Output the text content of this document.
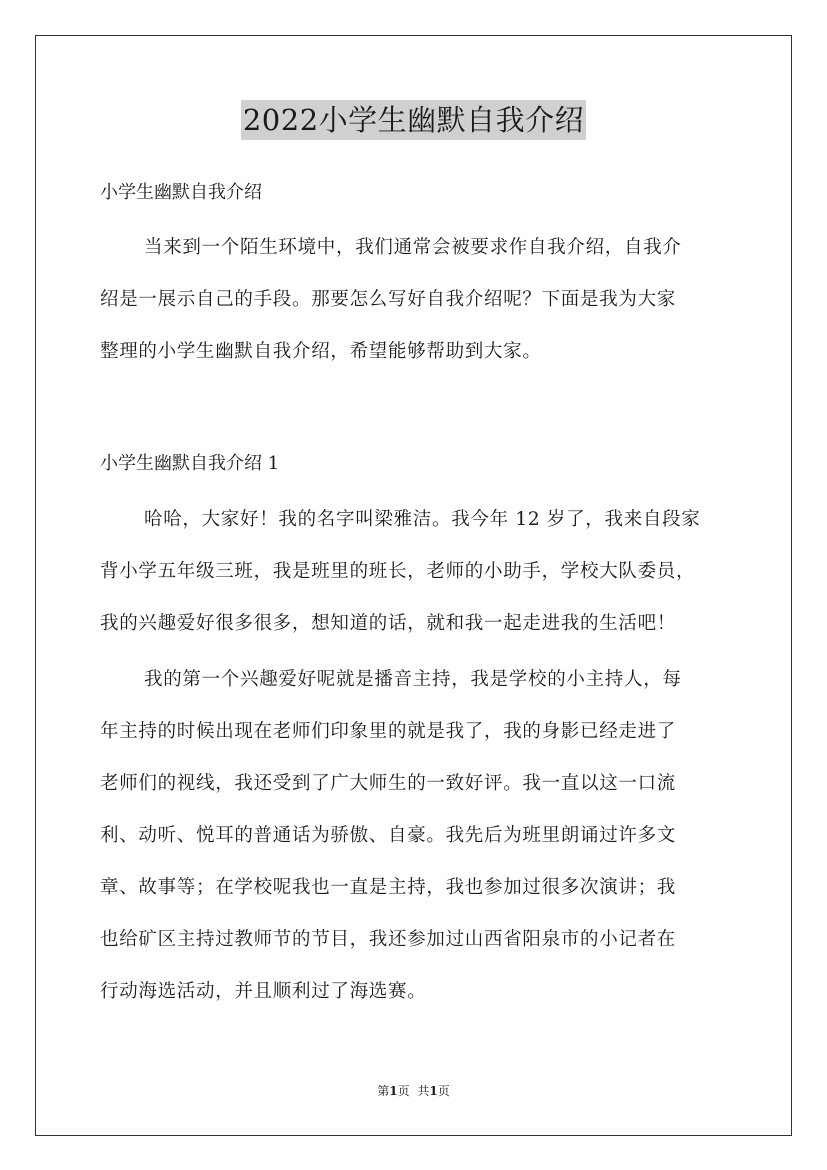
2022小学生幽默自我介绍
小学生幽默自我介绍
当来到一个陌生环境中，我们通常会被要求作自我介绍，自我介
绍是一展示自己的手段。那要怎么写好自我介绍呢？下面是我为大家
整理的小学生幽默自我介绍，希望能够帮助到大家。
小学生幽默自我介绍 1
哈哈，大家好！我的名字叫梁雅洁。我今年 12 岁了，我来自段家
背小学五年级三班，我是班里的班长，老师的小助手，学校大队委员，
我的兴趣爱好很多很多，想知道的话，就和我一起走进我的生活吧！
我的第一个兴趣爱好呢就是播音主持，我是学校的小主持人，每
年主持的时候出现在老师们印象里的就是我了，我的身影已经走进了
老师们的视线，我还受到了广大师生的一致好评。我一直以这一口流
利、动听、悦耳的普通话为骄傲、自豪。我先后为班里朗诵过许多文
章、故事等；在学校呢我也一直是主持，我也参加过很多次演讲；我
也给矿区主持过教师节的节目，我还参加过山西省阳泉市的小记者在
行动海选活动，并且顺利过了海选赛。
第1页 共1页
